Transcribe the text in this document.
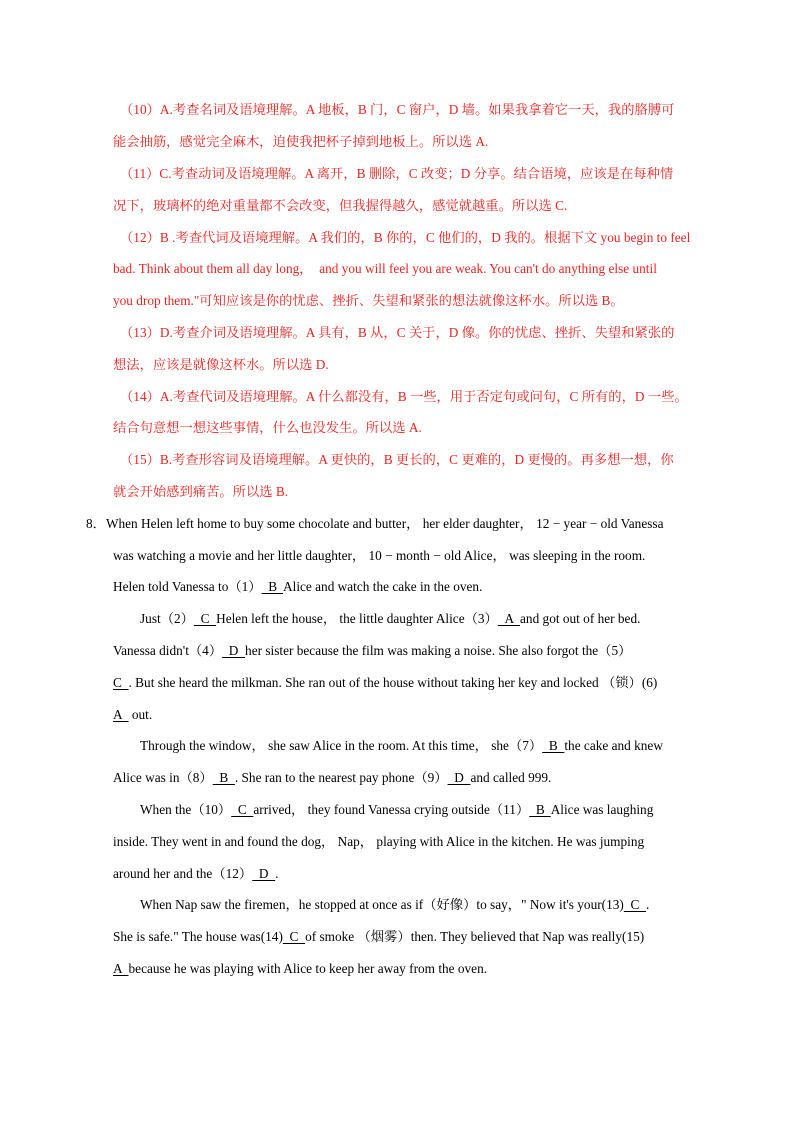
（10）A.考查名词及语境理解。A 地板，B 门，C 窗户，D 墙。如果我拿着它一天，我的胳膊可

能会抽筋，感觉完全麻木，迫使我把杯子掉到地板上。所以选 A.

（11）C.考查动词及语境理解。A 离开，B 删除，C 改变；D 分享。结合语境，应该是在每种情

况下，玻璃杯的绝对重量都不会改变，但我握得越久，感觉就越重。所以选 C.

（12）B .考查代词及语境理解。A 我们的，B 你的，C 他们的，D 我的。根据下文 you begin to feel

bad. Think about them all day long，  and you will feel you are weak. You can't do anything else until

you drop them."可知应该是你的忧虑、挫折、失望和紧张的想法就像这杯水。所以选 B。

（13）D.考查介词及语境理解。A 具有，B 从，C 关于，D 像。你的忧虑、挫折、失望和紧张的

想法，应该是就像这杯水。所以选 D.

（14）A.考查代词及语境理解。A 什么都没有，B 一些，用于否定句或问句，C 所有的，D 一些。

结合句意想一想这些事情，什么也没发生。所以选 A.

（15）B.考查形容词及语境理解。A 更快的，B 更长的，C 更难的，D 更慢的。再多想一想，你

就会开始感到痛苦。所以选 B.

8．When Helen left home to buy some chocolate and butter， her elder daughter， 12 − year − old Vanessa

was watching a movie and her little daughter， 10 − month − old Alice， was sleeping in the room.

Helen told Vanessa to（1）  B  Alice and watch the cake in the oven.

Just（2）  C  Helen left the house， the little daughter Alice（3）  A  and got out of her bed.

Vanessa didn't（4）  D  her sister because the film was making a noise. She also forgot the（5）

C  . But she heard the milkman. She ran out of the house without taking her key and locked （锁）(6)

A   out.

Through the window， she saw Alice in the room. At this time， she（7）  B  the cake and knew

Alice was in（8）  B  . She ran to the nearest pay phone（9）  D  and called 999.

When the（10）  C  arrived， they found Vanessa crying outside（11）  B  Alice was laughing

inside. They went in and found the dog， Nap， playing with Alice in the kitchen. He was jumping

around her and the（12）  D  .

When Nap saw the firemen，he stopped at once as if（好像）to say，" Now it's your(13)  C  .

She is safe." The house was(14)  C  of smoke （烟雾）then. They believed that Nap was really(15)

A  because he was playing with Alice to keep her away from the oven.
